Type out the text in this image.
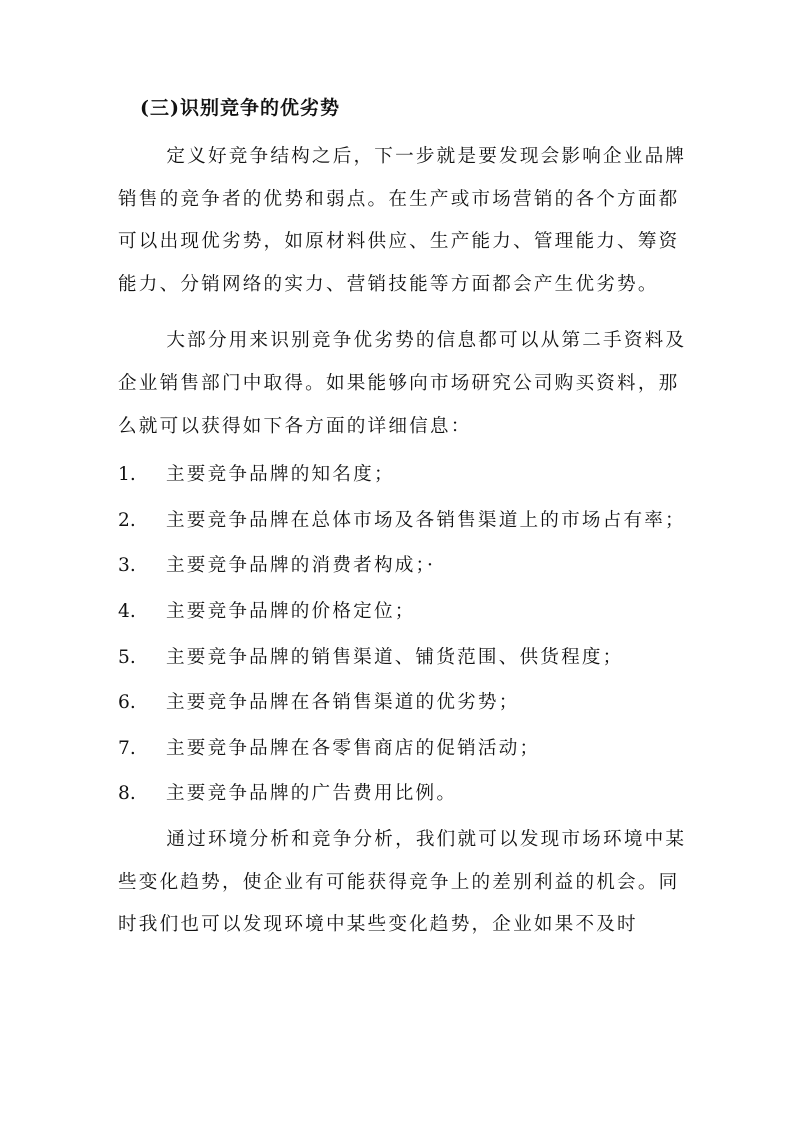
(三)识别竞争的优劣势

定义好竞争结构之后，下一步就是要发现会影响企业品牌销售的竞争者的优势和弱点。在生产或市场营销的各个方面都可以出现优劣势，如原材料供应、生产能力、管理能力、筹资能力、分销网络的实力、营销技能等方面都会产生优劣势。

大部分用来识别竞争优劣势的信息都可以从第二手资料及企业销售部门中取得。如果能够向市场研究公司购买资料，那么就可以获得如下各方面的详细信息：

1.	主要竞争品牌的知名度；
2.	主要竞争品牌在总体市场及各销售渠道上的市场占有率；
3.	主要竞争品牌的消费者构成；·
4.	主要竞争品牌的价格定位；
5.	主要竞争品牌的销售渠道、铺货范围、供货程度；
6.	主要竞争品牌在各销售渠道的优劣势；
7.	主要竞争品牌在各零售商店的促销活动；
8.	主要竞争品牌的广告费用比例。

通过环境分析和竞争分析，我们就可以发现市场环境中某些变化趋势，使企业有可能获得竞争上的差别利益的机会。同时我们也可以发现环境中某些变化趋势，企业如果不及时
